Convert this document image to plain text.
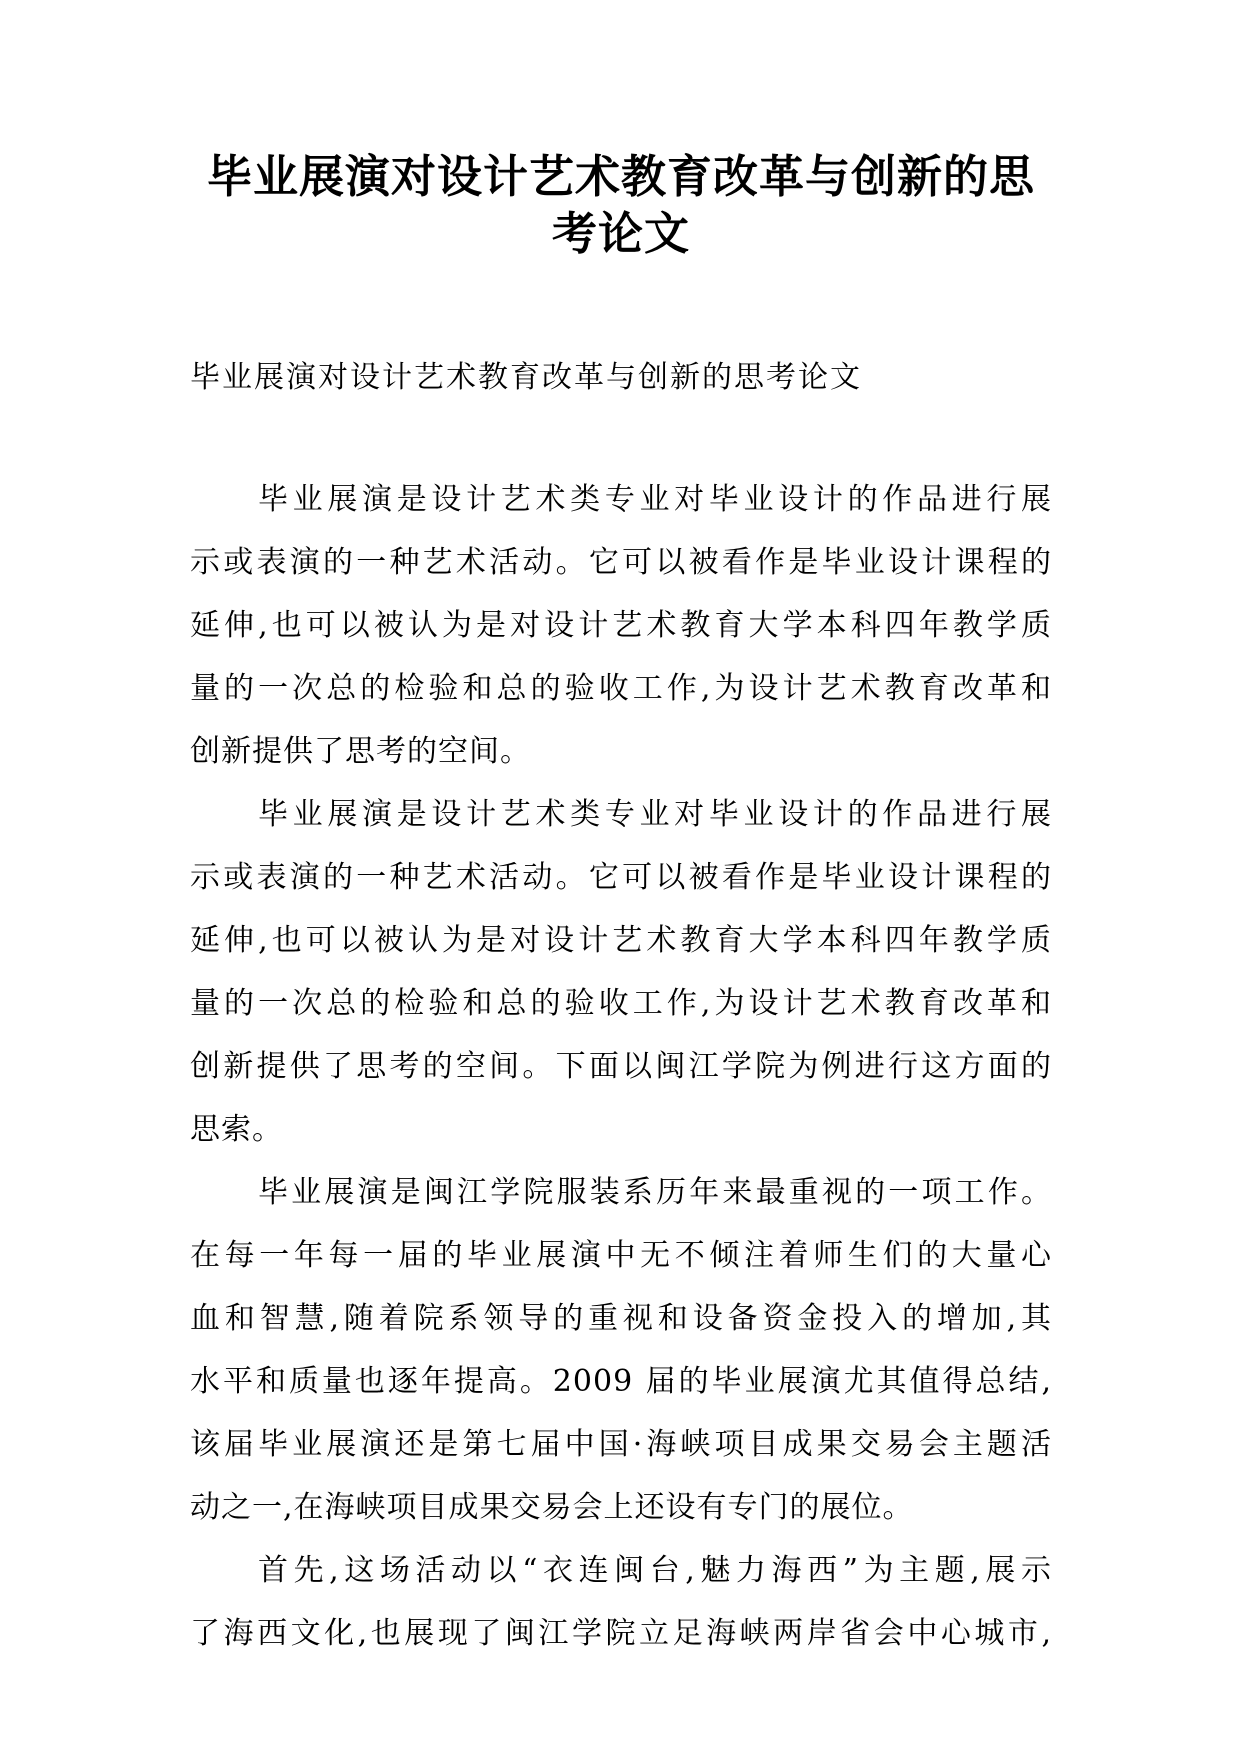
毕业展演对设计艺术教育改革与创新的思考论文

毕业展演对设计艺术教育改革与创新的思考论文

毕业展演是设计艺术类专业对毕业设计的作品进行展
示或表演的一种艺术活动。它可以被看作是毕业设计课程的
延伸,也可以被认为是对设计艺术教育大学本科四年教学质
量的一次总的检验和总的验收工作,为设计艺术教育改革和
创新提供了思考的空间。
毕业展演是设计艺术类专业对毕业设计的作品进行展
示或表演的一种艺术活动。它可以被看作是毕业设计课程的
延伸,也可以被认为是对设计艺术教育大学本科四年教学质
量的一次总的检验和总的验收工作,为设计艺术教育改革和
创新提供了思考的空间。下面以闽江学院为例进行这方面的
思索。
毕业展演是闽江学院服装系历年来最重视的一项工作。
在每一年每一届的毕业展演中无不倾注着师生们的大量心
血和智慧,随着院系领导的重视和设备资金投入的增加,其
水平和质量也逐年提高。2009 届的毕业展演尤其值得总结,
该届毕业展演还是第七届中国·海峡项目成果交易会主题活
动之一,在海峡项目成果交易会上还设有专门的展位。
首先,这场活动以“衣连闽台,魅力海西”为主题,展示
了海西文化,也展现了闽江学院立足海峡两岸省会中心城市,
